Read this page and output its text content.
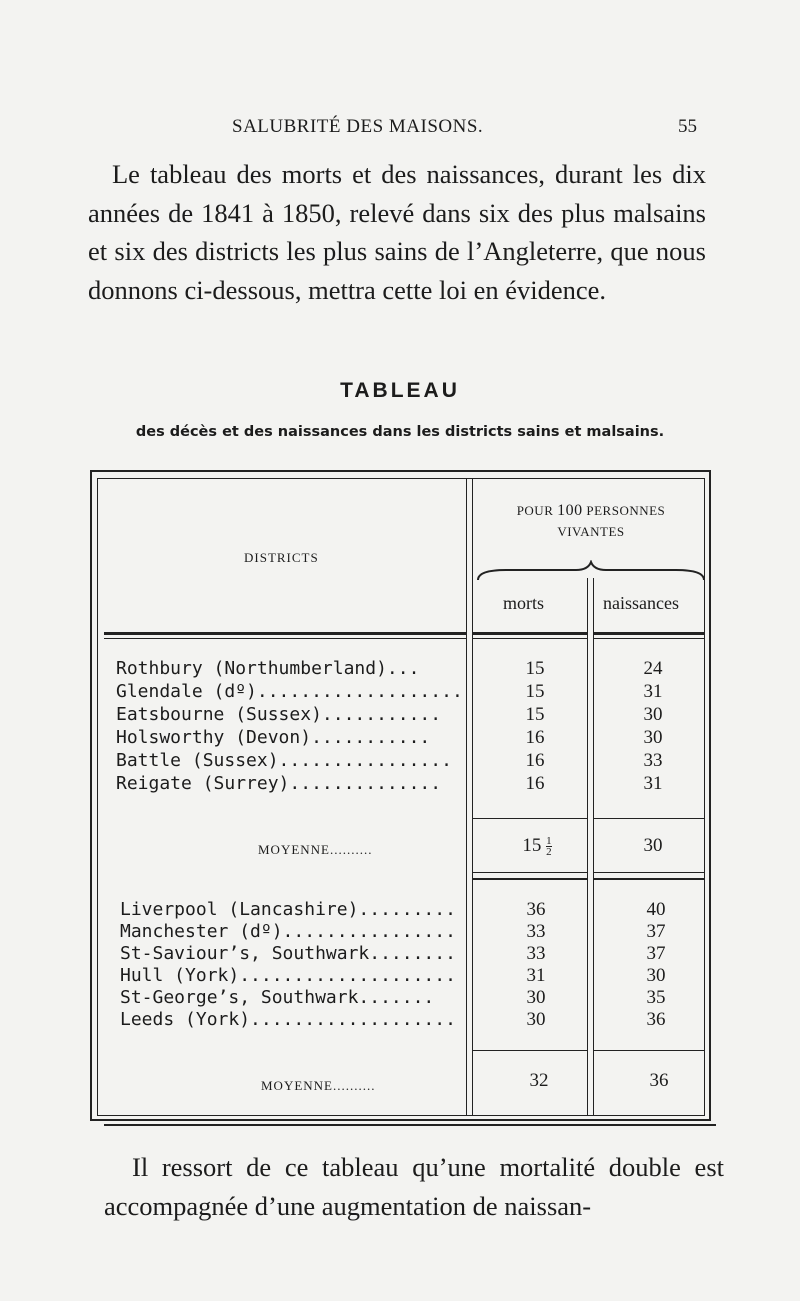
SALUBRITÉ DES MAISONS.	55
Le tableau des morts et des naissances, durant les dix années de 1841 à 1850, relevé dans six des plus malsains et six des districts les plus sains de l’Angleterre, que nous donnons ci-dessous, mettra cette loi en évidence.
TABLEAU
des décès et des naissances dans les districts sains et malsains.
DISTRICTS
POUR 100 PERSONNES
VIVANTES
morts	naissances
Rothbury (Northumberland)...	15	24
Glendale (dº)...................	15	31
Eatsbourne (Sussex)...........	15	30
Holsworthy (Devon)...........	16	30
Battle (Sussex)................	16	33
Reigate (Surrey)..............	16	31
MOYENNE..........	$15 \frac{1}{2}$	30
Liverpool (Lancashire).........	36	40
Manchester (dº)................	33	37
St-Saviour’s, Southwark........	33	37
Hull (York)....................	31	30
St-George’s, Southwark.......	30	35
Leeds (York)...................	30	36
MOYENNE..........	32	36
Il ressort de ce tableau qu’une mortalité double est accompagnée d’une augmentation de naissan-
